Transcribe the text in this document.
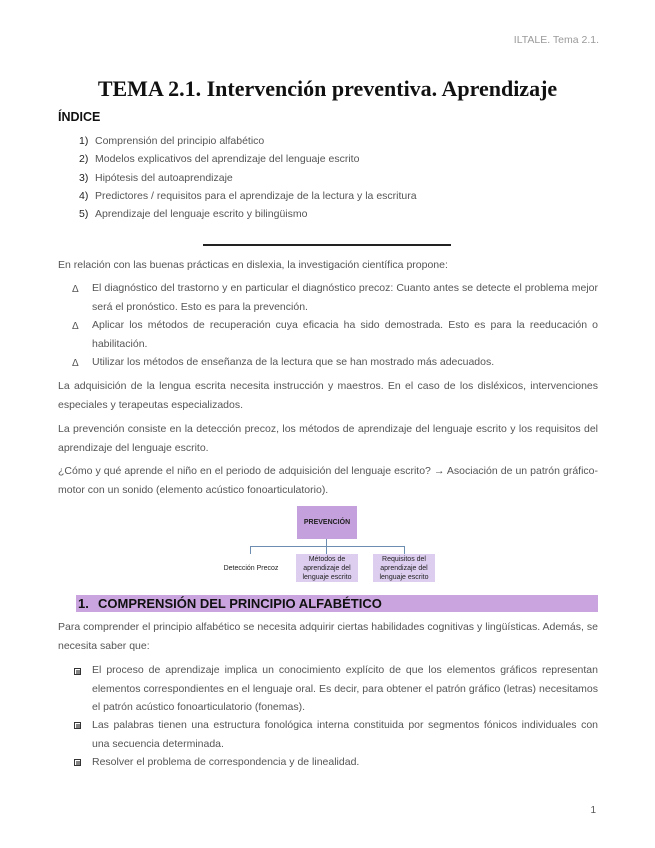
ILTALE. Tema 2.1.
TEMA 2.1. Intervención preventiva. Aprendizaje
ÍNDICE
1) Comprensión del principio alfabético
2) Modelos explicativos del aprendizaje del lenguaje escrito
3) Hipótesis del autoaprendizaje
4) Predictores / requisitos para el aprendizaje de la lectura y la escritura
5) Aprendizaje del lenguaje escrito y bilingüismo
En relación con las buenas prácticas en dislexia, la investigación científica propone:
Δ El diagnóstico del trastorno y en particular el diagnóstico precoz: Cuanto antes se detecte el problema mejor será el pronóstico. Esto es para la prevención.
Δ Aplicar los métodos de recuperación cuya eficacia ha sido demostrada. Esto es para la reeducación o habilitación.
Δ Utilizar los métodos de enseñanza de la lectura que se han mostrado más adecuados.
La adquisición de la lengua escrita necesita instrucción y maestros. En el caso de los disléxicos, intervenciones especiales y terapeutas especializados.
La prevención consiste en la detección precoz, los métodos de aprendizaje del lenguaje escrito y los requisitos del aprendizaje del lenguaje escrito.
¿Cómo y qué aprende el niño en el periodo de adquisición del lenguaje escrito? → Asociación de un patrón gráfico-motor con un sonido (elemento acústico fonoarticulatorio).
PREVENCIÓN
Detección Precoz
Métodos de aprendizaje del lenguaje escrito
Requisitos del aprendizaje del lenguaje escrito
1. COMPRENSIÓN DEL PRINCIPIO ALFABÉTICO
Para comprender el principio alfabético se necesita adquirir ciertas habilidades cognitivas y lingüísticas. Además, se necesita saber que:
El proceso de aprendizaje implica un conocimiento explícito de que los elementos gráficos representan elementos correspondientes en el lenguaje oral. Es decir, para obtener el patrón gráfico (letras) necesitamos el patrón acústico fonoarticulatorio (fonemas).
Las palabras tienen una estructura fonológica interna constituida por segmentos fónicos individuales con una secuencia determinada.
Resolver el problema de correspondencia y de linealidad.
1
